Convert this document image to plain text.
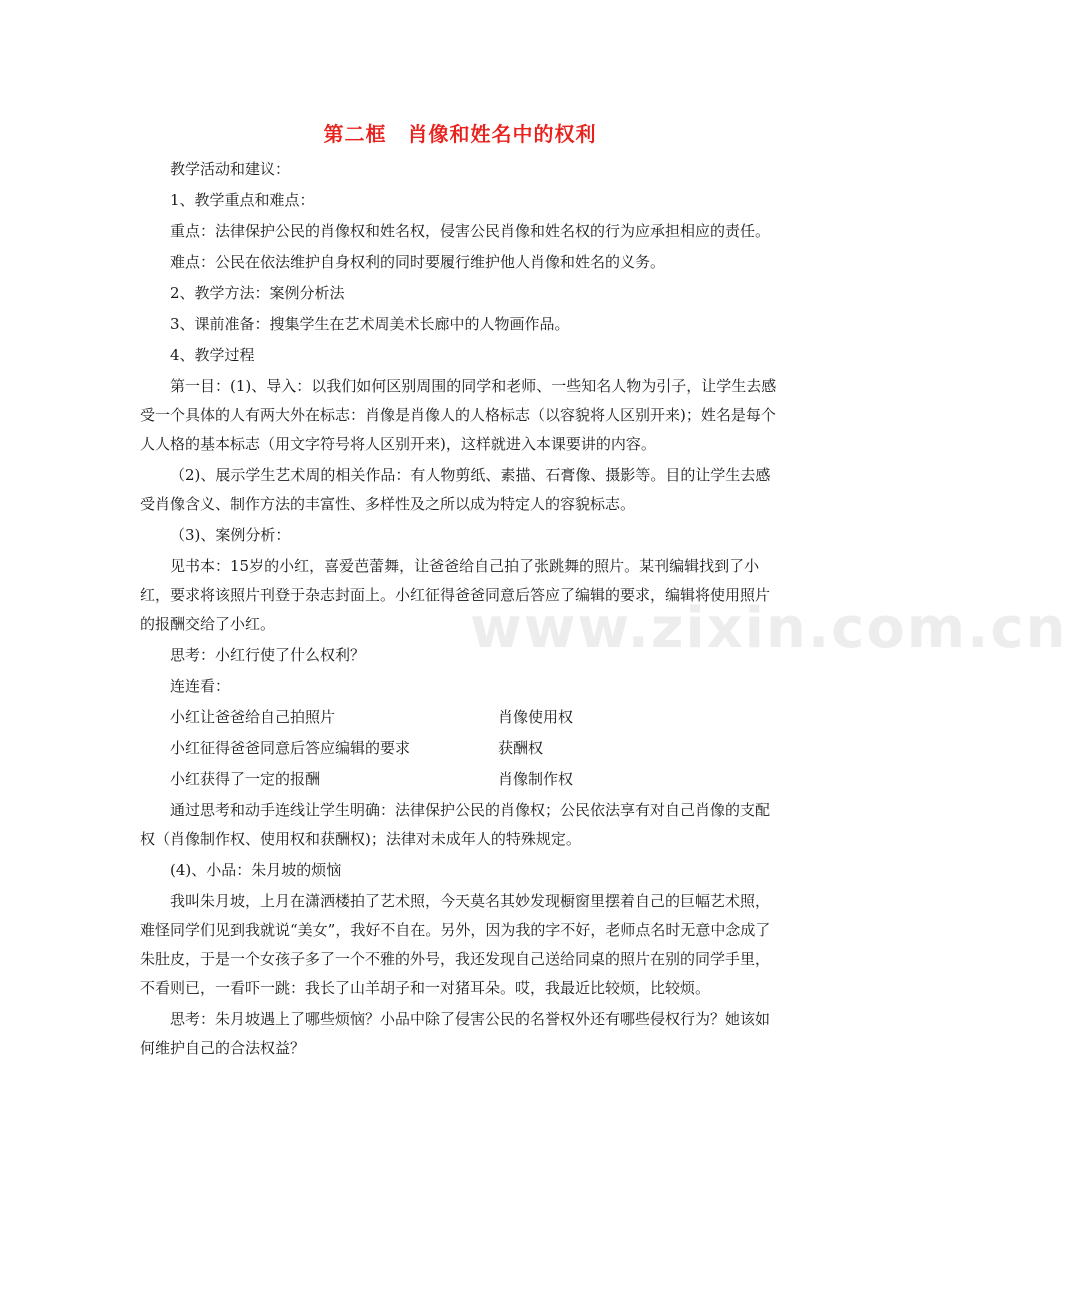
www.zixin.com.cn
第二框　肖像和姓名中的权利

教学活动和建议：

1、教学重点和难点：

重点：法律保护公民的肖像权和姓名权，侵害公民肖像和姓名权的行为应承担相应的责任。

难点：公民在依法维护自身权利的同时要履行维护他人肖像和姓名的义务。

2、教学方法：案例分析法

3、课前准备：搜集学生在艺术周美术长廊中的人物画作品。

4、教学过程

第一目：(1)、导入：以我们如何区别周围的同学和老师、一些知名人物为引子，让学生去感受一个具体的人有两大外在标志：肖像是肖像人的人格标志（以容貌将人区别开来)；姓名是每个人人格的基本标志（用文字符号将人区别开来)，这样就进入本课要讲的内容。

（2)、展示学生艺术周的相关作品：有人物剪纸、素描、石膏像、摄影等。目的让学生去感受肖像含义、制作方法的丰富性、多样性及之所以成为特定人的容貌标志。

（3)、案例分析：

见书本：15岁的小红，喜爱芭蕾舞，让爸爸给自己拍了张跳舞的照片。某刊编辑找到了小红，要求将该照片刊登于杂志封面上。小红征得爸爸同意后答应了编辑的要求，编辑将使用照片的报酬交给了小红。

思考：小红行使了什么权利？

连连看：

小红让爸爸给自己拍照片	肖像使用权
小红征得爸爸同意后答应编辑的要求	获酬权
小红获得了一定的报酬	肖像制作权

通过思考和动手连线让学生明确：法律保护公民的肖像权；公民依法享有对自己肖像的支配权（肖像制作权、使用权和获酬权)；法律对未成年人的特殊规定。

(4)、小品：朱月坡的烦恼

我叫朱月坡，上月在潇洒楼拍了艺术照，今天莫名其妙发现橱窗里摆着自己的巨幅艺术照，难怪同学们见到我就说“美女”，我好不自在。另外，因为我的字不好，老师点名时无意中念成了朱肚皮，于是一个女孩子多了一个不雅的外号，我还发现自己送给同桌的照片在别的同学手里，不看则已，一看吓一跳：我长了山羊胡子和一对猪耳朵。哎，我最近比较烦，比较烦。

思考：朱月坡遇上了哪些烦恼？小品中除了侵害公民的名誉权外还有哪些侵权行为？她该如何维护自己的合法权益？
